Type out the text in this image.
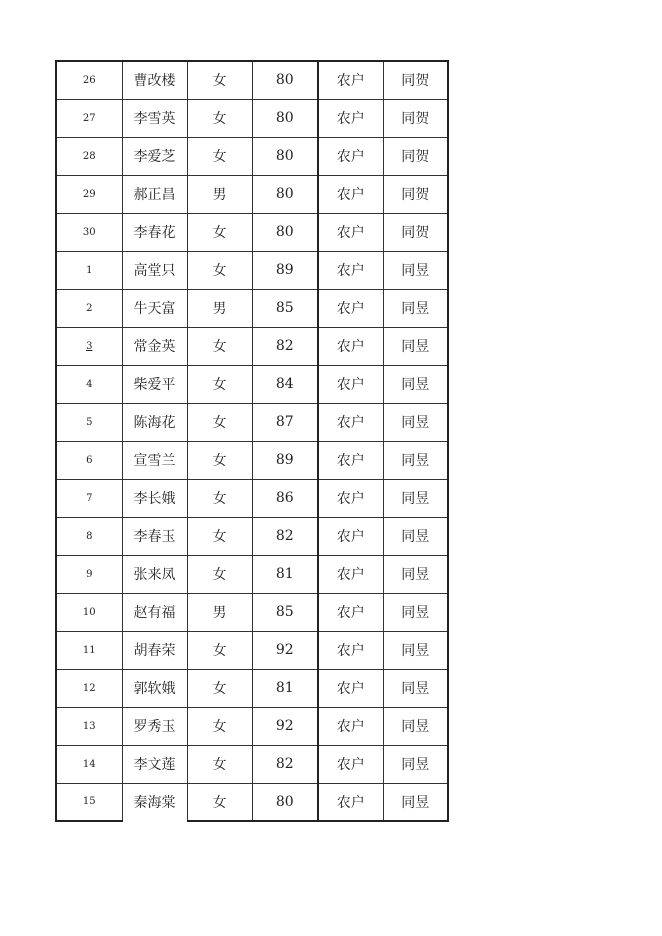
26	曹改楼	女	80	农户	同贺
27	李雪英	女	80	农户	同贺
28	李爱芝	女	80	农户	同贺
29	郝正昌	男	80	农户	同贺
30	李春花	女	80	农户	同贺
1	高堂只	女	89	农户	同昱
2	牛天富	男	85	农户	同昱
3	常金英	女	82	农户	同昱
4	柴爱平	女	84	农户	同昱
5	陈海花	女	87	农户	同昱
6	宣雪兰	女	89	农户	同昱
7	李长娥	女	86	农户	同昱
8	李春玉	女	82	农户	同昱
9	张来凤	女	81	农户	同昱
10	赵有福	男	85	农户	同昱
11	胡春荣	女	92	农户	同昱
12	郭软娥	女	81	农户	同昱
13	罗秀玉	女	92	农户	同昱
14	李文莲	女	82	农户	同昱
15	秦海棠	女	80	农户	同昱
